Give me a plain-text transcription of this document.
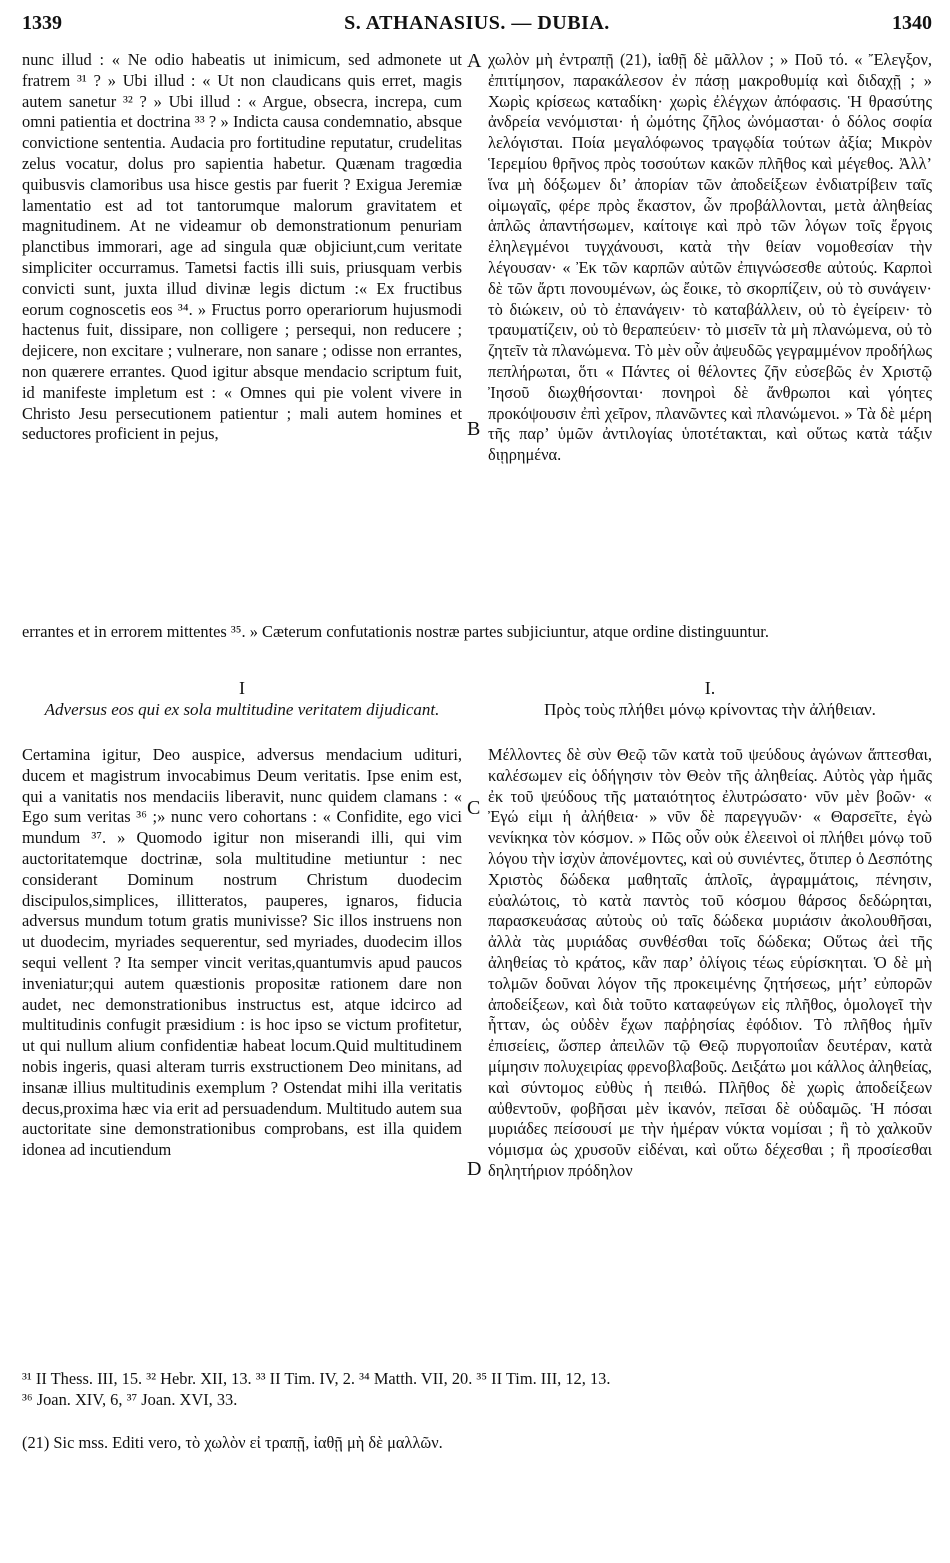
1339	S. ATHANASIUS. — DUBIA.	1340
A
B
C
D
nunc illud : « Ne odio habeatis ut inimicum, sed admonete ut fratrem ³¹ ? » Ubi illud : « Ut non claudicans quis erret, magis autem sanetur ³² ? » Ubi illud : « Argue, obsecra, increpa, cum omni patientia et doctrina ³³ ? » Indicta causa condemnatio, absque convictione sententia. Audacia pro fortitudine reputatur, crudelitas zelus vocatur, dolus pro sapientia habetur. Quænam tragœdia quibusvis clamoribus usa hisce gestis par fuerit ? Exigua Jeremiæ lamentatio est ad tot tantorumque malorum gravitatem et magnitudinem. At ne videamur ob demonstrationum penuriam planctibus immorari, age ad singula quæ objiciunt,cum veritate simpliciter occurramus. Tametsi factis illi suis, priusquam verbis convicti sunt, juxta illud divinæ legis dictum :« Ex fructibus eorum cognoscetis eos ³⁴. » Fructus porro operariorum hujusmodi hactenus fuit, dissipare, non colligere ; persequi, non reducere ; dejicere, non excitare ; vulnerare, non sanare ; odisse non errantes, non quærere errantes. Quod igitur absque mendacio scriptum fuit, id manifeste impletum est : « Omnes qui pie volent vivere in Christo Jesu persecutionem patientur ; mali autem homines et seductores proficient in pejus,
χωλὸν μὴ ἐντραπῇ (21), ἰαθῇ δὲ μᾶλλον ; » Ποῦ τό. « Ἔλεγξον, ἐπιτίμησον, παρακάλεσον ἐν πάσῃ μακροθυμίᾳ καὶ διδαχῇ ; » Χωρὶς κρίσεως καταδίκη· χωρὶς ἐλέγχων ἀπόφασις. Ἡ θρασύτης ἀνδρεία νενόμισται· ἡ ὠμότης ζῆλος ὠνόμασται· ὁ δόλος σοφία λελόγισται. Ποία μεγαλόφωνος τραγῳδία τούτων ἀξία; Μικρὸν Ἱερεμίου θρῆνος πρὸς τοσούτων κακῶν πλῆθος καὶ μέγεθος. Ἀλλ’ ἵνα μὴ δόξωμεν δι’ ἀπορίαν τῶν ἀποδείξεων ἐνδιατρίβειν ταῖς οἰμωγαῖς, φέρε πρὸς ἕκαστον, ὧν προβάλλονται, μετὰ ἀληθείας ἁπλῶς ἀπαντήσωμεν, καίτοιγε καὶ πρὸ τῶν λόγων τοῖς ἔργοις ἐληλεγμένοι τυγχάνουσι, κατὰ τὴν θείαν νομοθεσίαν τὴν λέγουσαν· « Ἐκ τῶν καρπῶν αὐτῶν ἐπιγνώσεσθε αὐτούς. Καρποὶ δὲ τῶν ἄρτι πονουμένων, ὡς ἔοικε, τὸ σκορπίζειν, οὐ τὸ συνάγειν· τὸ διώκειν, οὐ τὸ ἐπανάγειν· τὸ καταβάλλειν, οὐ τὸ ἐγείρειν· τὸ τραυματίζειν, οὐ τὸ θεραπεύειν· τὸ μισεῖν τὰ μὴ πλανώμενα, οὐ τὸ ζητεῖν τὰ πλανώμενα. Τὸ μὲν οὖν ἀψευδῶς γεγραμμένον προδήλως πεπλήρωται, ὅτι « Πάντες οἱ θέλοντες ζῆν εὐσεβῶς ἐν Χριστῷ Ἰησοῦ διωχθήσονται· πονηροὶ δὲ ἄνθρωποι καὶ γόητες προκόψουσιν ἐπὶ χεῖρον, πλανῶντες καὶ πλανώμενοι. » Τὰ δὲ μέρη τῆς παρ’ ὑμῶν ἀντιλογίας ὑποτέτακται, καὶ οὕτως κατὰ τάξιν διῃρημένα.
errantes et in errorem mittentes ³⁵. » Cæterum confutationis nostræ partes subjiciuntur, atque ordine distinguuntur.
I
Adversus eos qui ex sola multitudine veritatem dijudicant.
I.
Πρὸς τοὺς πλήθει μόνῳ κρίνοντας τὴν ἀλήθειαν.
Certamina igitur, Deo auspice, adversus mendacium udituri, ducem et magistrum invocabimus Deum veritatis. Ipse enim est, qui a vanitatis nos mendaciis liberavit, nunc quidem clamans : « Ego sum veritas ³⁶ ;» nunc vero cohortans : « Confidite, ego vici mundum ³⁷. » Quomodo igitur non miserandi illi, qui vim auctoritatemque doctrinæ, sola multitudine metiuntur : nec considerant Dominum nostrum Christum duodecim discipulos,simplices, illitteratos, pauperes, ignaros, fiducia adversus mundum totum gratis munivisse? Sic illos instruens non ut duodecim, myriades sequerentur, sed myriades, duodecim illos sequi vellent ? Ita semper vincit veritas,quantumvis apud paucos inveniatur;qui autem quæstionis propositæ rationem dare non audet, nec demonstrationibus instructus est, atque idcirco ad multitudinis confugit præsidium : is hoc ipso se victum profitetur, ut qui nullum alium confidentiæ habeat locum.Quid multitudinem nobis ingeris, quasi alteram turris exstructionem Deo minitans, ad insanæ illius multitudinis exemplum ? Ostendat mihi illa veritatis decus,proxima hæc via erit ad persuadendum. Multitudo autem sua auctoritate sine demonstrationibus comprobans, est illa quidem idonea ad incutiendum
Μέλλοντες δὲ σὺν Θεῷ τῶν κατὰ τοῦ ψεύδους ἀγώνων ἅπτεσθαι, καλέσωμεν εἰς ὁδήγησιν τὸν Θεὸν τῆς ἀληθείας. Αὐτὸς γὰρ ἡμᾶς ἐκ τοῦ ψεύδους τῆς ματαιότητος ἐλυτρώσατο· νῦν μὲν βοῶν· « Ἐγώ εἰμι ἡ ἀλήθεια· » νῦν δὲ παρεγγυῶν· « Θαρσεῖτε, ἐγὼ νενίκηκα τὸν κόσμον. » Πῶς οὖν οὐκ ἐλεεινοὶ οἱ πλήθει μόνῳ τοῦ λόγου τὴν ἰσχὺν ἀπονέμοντες, καὶ οὐ συνιέντες, ὅτιπερ ὁ Δεσπότης Χριστὸς δώδεκα μαθηταῖς ἁπλοῖς, ἀγραμμάτοις, πένησιν, εὐαλώτοις, τὸ κατὰ παντὸς τοῦ κόσμου θάρσος δεδώρηται, παρασκευάσας αὐτοὺς οὐ ταῖς δώδεκα μυριάσιν ἀκολουθῆσαι, ἀλλὰ τὰς μυριάδας συνθέσθαι τοῖς δώδεκα; Οὕτως ἀεὶ τῆς ἀληθείας τὸ κράτος, κἂν παρ’ ὀλίγοις τέως εὑρίσκηται. Ὁ δὲ μὴ τολμῶν δοῦναι λόγον τῆς προκειμένης ζητήσεως, μήτ’ εὐπορῶν ἀποδείξεων, καὶ διὰ τοῦτο καταφεύγων εἰς πλῆθος, ὁμολογεῖ τὴν ἧτταν, ὡς οὐδὲν ἔχων παῤῥησίας ἐφόδιον. Τὸ πλῆθος ἡμῖν ἐπισείεις, ὥσπερ ἀπειλῶν τῷ Θεῷ πυργοποιΐαν δευτέραν, κατὰ μίμησιν πολυχειρίας φρενοβλαβοῦς. Δειξάτω μοι κάλλος ἀληθείας, καὶ σύντομος εὐθὺς ἡ πειθώ. Πλῆθος δὲ χωρὶς ἀποδείξεων αὐθεντοῦν, φοβῆσαι μὲν ἱκανόν, πεῖσαι δὲ οὐδαμῶς. Ἡ πόσαι μυριάδες πείσουσί με τὴν ἡμέραν νύκτα νομίσαι ; ἢ τὸ χαλκοῦν νόμισμα ὡς χρυσοῦν εἰδέναι, καὶ οὕτω δέχεσθαι ; ἢ προσίεσθαι δηλητήριον πρόδηλον
³¹ II Thess. III, 15. ³² Hebr. XII, 13. ³³ II Tim. IV, 2. ³⁴ Matth. VII, 20. ³⁵ II Tim. III, 12, 13.
³⁶ Joan. XIV, 6, ³⁷ Joan. XVI, 33.
(21) Sic mss. Editi vero, τὸ χωλὸν εἰ τραπῇ, ἰαθῇ μὴ δὲ μαλλῶν.
